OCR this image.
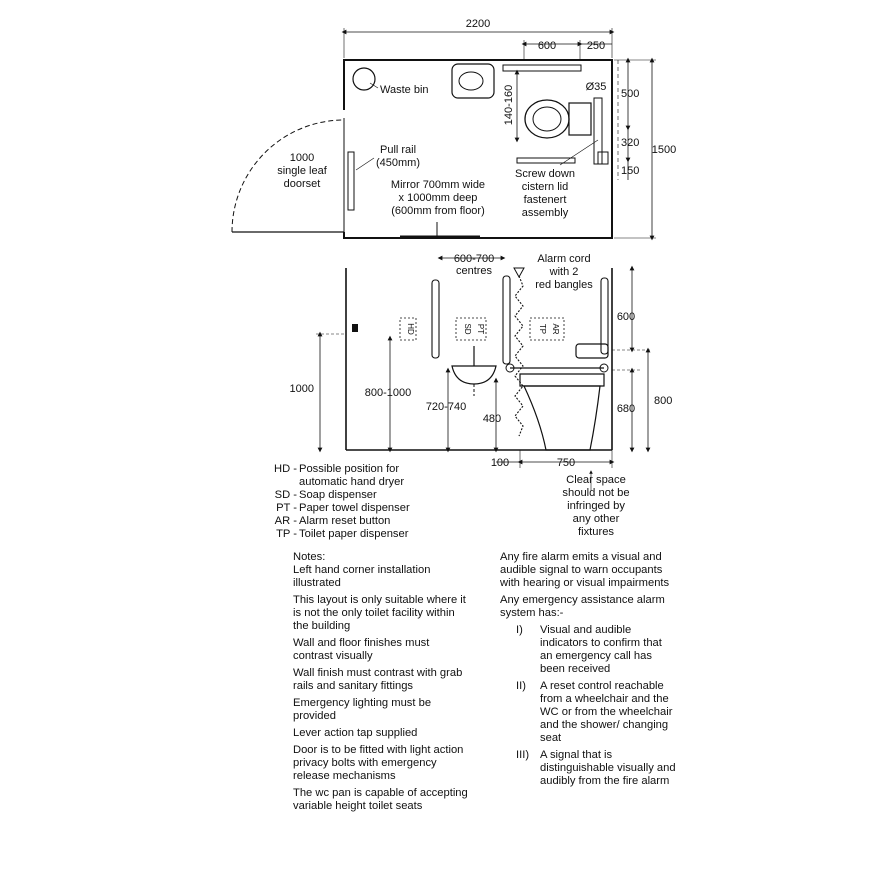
2200
600	250
Ø35
500
320
150
1500
140-160
Waste bin
Pull rail
(450mm)
1000
single leaf
doorset	Mirror 700mm wide
x 1000mm deep
(600mm from floor)
Screw down
cistern lid
fastenert
assembly
HD	SD PT	TP AR
600-700
centres
Alarm cord
with 2
red bangles
1000	800-1000
720-740
480
600
680
800
100	750
HD - Possible position for
automatic hand dryer
SD - Soap dispenser
PT - Paper towel dispenser
AR - Alarm reset button
TP - Toilet paper dispenser
Clear space
should not be
infringed by
any other
fixtures

Notes:

Left hand corner installation illustrated

This layout is only suitable where it is not the only toilet facility within the building

Wall and floor finishes must contrast visually

Wall finish must contrast with grab rails and sanitary fittings

Emergency lighting must be provided

Lever action tap supplied

Door is to be fitted with light action privacy bolts with emergency release mechanisms

The wc pan is capable of accepting variable height toilet seats

Any fire alarm emits a visual and audible signal to warn occupants with hearing or visual impairments

Any emergency assistance alarm system has:-

I)	Visual and audible indicators to confirm that an emergency call has been received
II)	A reset control reachable from a wheelchair and the WC or from the wheelchair and the shower/ changing seat
III) A signal that is distinguishable visually and audibly from the fire alarm
